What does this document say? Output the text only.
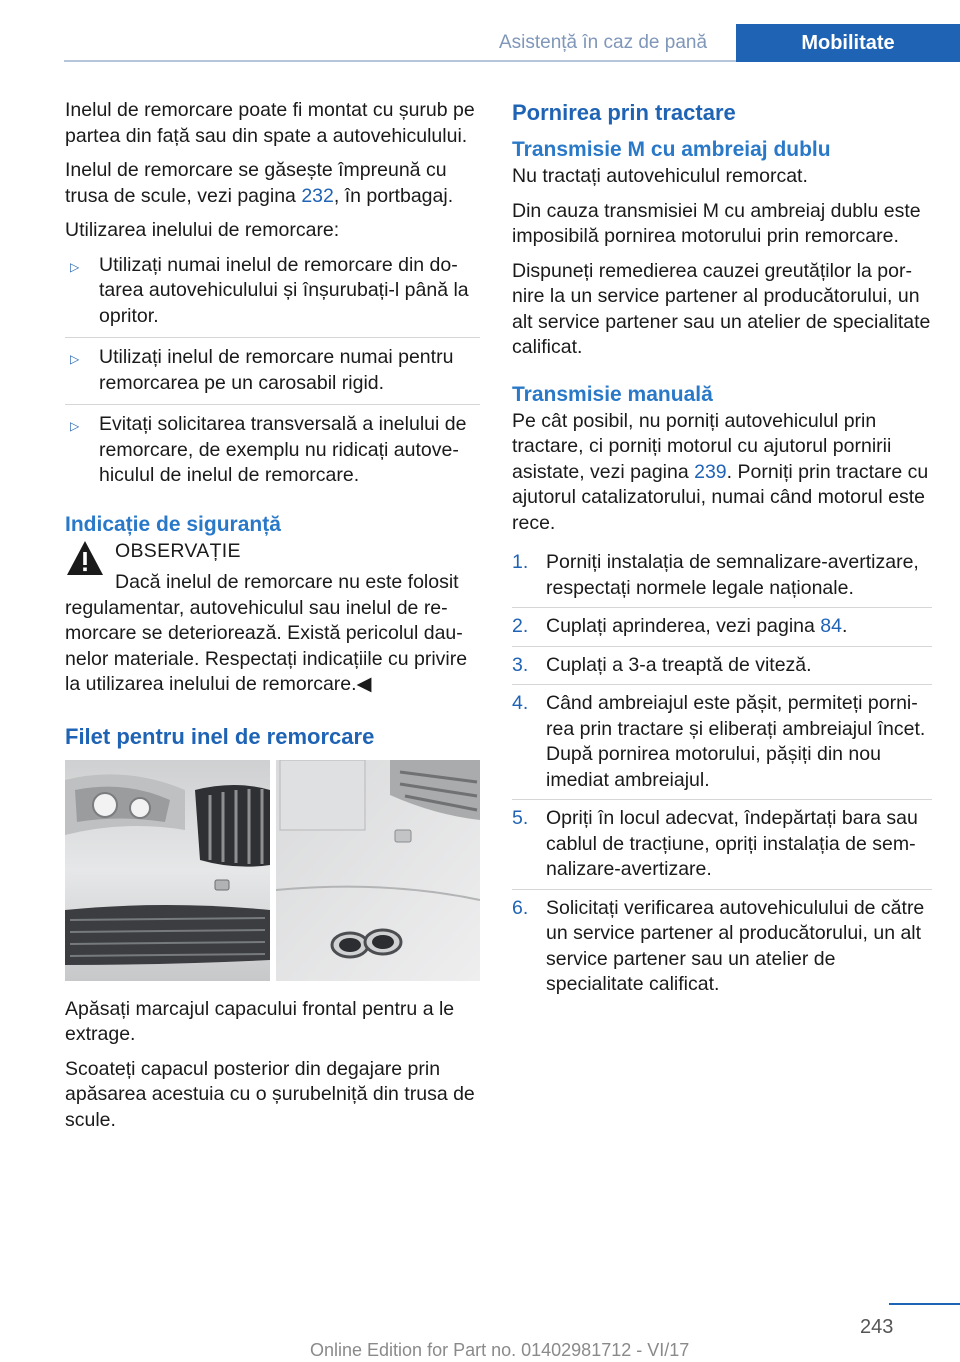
Asistență în caz de pană	Mobilitate

Inelul de remorcare poate fi montat cu șurub pe partea din față sau din spate a autovehiculului.

Inelul de remorcare se găsește împreună cu trusa de scule, vezi pagina 232, în portbagaj.

Utilizarea inelului de remorcare:

▷ Utilizați numai inelul de remorcare din dotarea autovehiculului și înșurubați-l până la opritor.
▷ Utilizați inelul de remorcare numai pentru remorcarea pe un carosabil rigid.
▷ Evitați solicitarea transversală a inelului de remorcare, de exemplu nu ridicați autovehiculul de inelul de remorcare.
Indicație de siguranță
OBSERVAȚIE
Dacă inelul de remorcare nu este folosit
regulamentar, autovehiculul sau inelul de remorcare se deteriorează. Există pericolul daunelor materiale. Respectați indicațiile cu privire la utilizarea inelului de remorcare.◀
Filet pentru inel de remorcare

Apăsați marcajul capacului frontal pentru a le extrage.

Scoateți capacul posterior din degajare prin apăsarea acestuia cu o șurubelniță din trusa de scule.

Pornirea prin tractare
Transmisie M cu ambreiaj dublu

Nu tractați autovehiculul remorcat.

Din cauza transmisiei M cu ambreiaj dublu este imposibilă pornirea motorului prin remorcare.

Dispuneți remedierea cauzei greutăților la pornire la un service partener al producătorului, un alt service partener sau un atelier de specialitate calificat.

Transmisie manuală

Pe cât posibil, nu porniți autovehiculul prin tractare, ci porniți motorul cu ajutorul pornirii asistate, vezi pagina 239. Porniți prin tractare cu ajutorul catalizatorului, numai când motorul este rece.

1. Porniți instalația de semnalizare-avertizare, respectați normele legale naționale.
2. Cuplați aprinderea, vezi pagina 84.
3. Cuplați a 3-a treaptă de viteză.
4. Când ambreiajul este pășit, permiteți pornirea prin tractare și eliberați ambreiajul încet. După pornirea motorului, pășiți din nou imediat ambreiajul.
5. Opriți în locul adecvat, îndepărtați bara sau cablul de tracțiune, opriți instalația de semnalizare-avertizare.
6. Solicitați verificarea autovehiculului de către un service partener al producătorului, un alt service partener sau un atelier de specialitate calificat.
243
Online Edition for Part no. 01402981712 - VI/17
